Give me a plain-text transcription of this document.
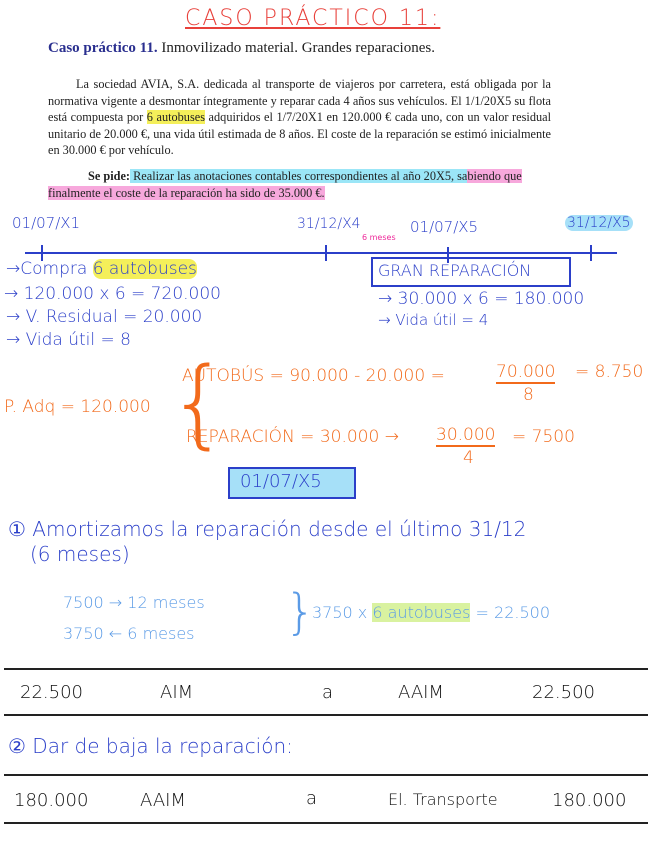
CASO PRÁCTICO 11:
Caso práctico 11. Inmovilizado material. Grandes reparaciones.
La sociedad AVIA, S.A. dedicada al transporte de viajeros por carretera, está obligada por la normativa vigente a desmontar íntegramente y reparar cada 4 años sus vehículos. El 1/1/20X5 su flota está compuesta por 6 autobuses adquiridos el 1/7/20X1 en 120.000 € cada uno, con un valor residual unitario de 20.000 €, una vida útil estimada de 8 años. El coste de la reparación se estimó inicialmente en 30.000 € por vehículo.
Se pide: Realizar las anotaciones contables correspondientes al año 20X5, sabiendo que finalmente el coste de la reparación ha sido de 35.000 €.
01/07/X1	31/12/X4	01/07/X5	31/12/X5
6 meses
→Compra 6 autobuses
→ 120.000 x 6 = 720.000
→ V. Residual = 20.000
→ Vida útil = 8
GRAN REPARACIÓN
→ 30.000 x 6 = 180.000
→ Vida útil = 4
P. Adq = 120.000 {
AUTOBÚS = 90.000 - 20.000 =	70.000
8
= 8.750
REPARACIÓN = 30.000 → 30.000
4
= 7500
01/07/X5
① Amortizamos la reparación desde el último 31/12
(6 meses)
7500 → 12 meses
3750 ← 6 meses }
3750 x 6 autobuses = 22.500
22.500	AIM	a	AAIM	22.500
② Dar de baja la reparación:
180.000	AAIM	a	El. Transporte	180.000
